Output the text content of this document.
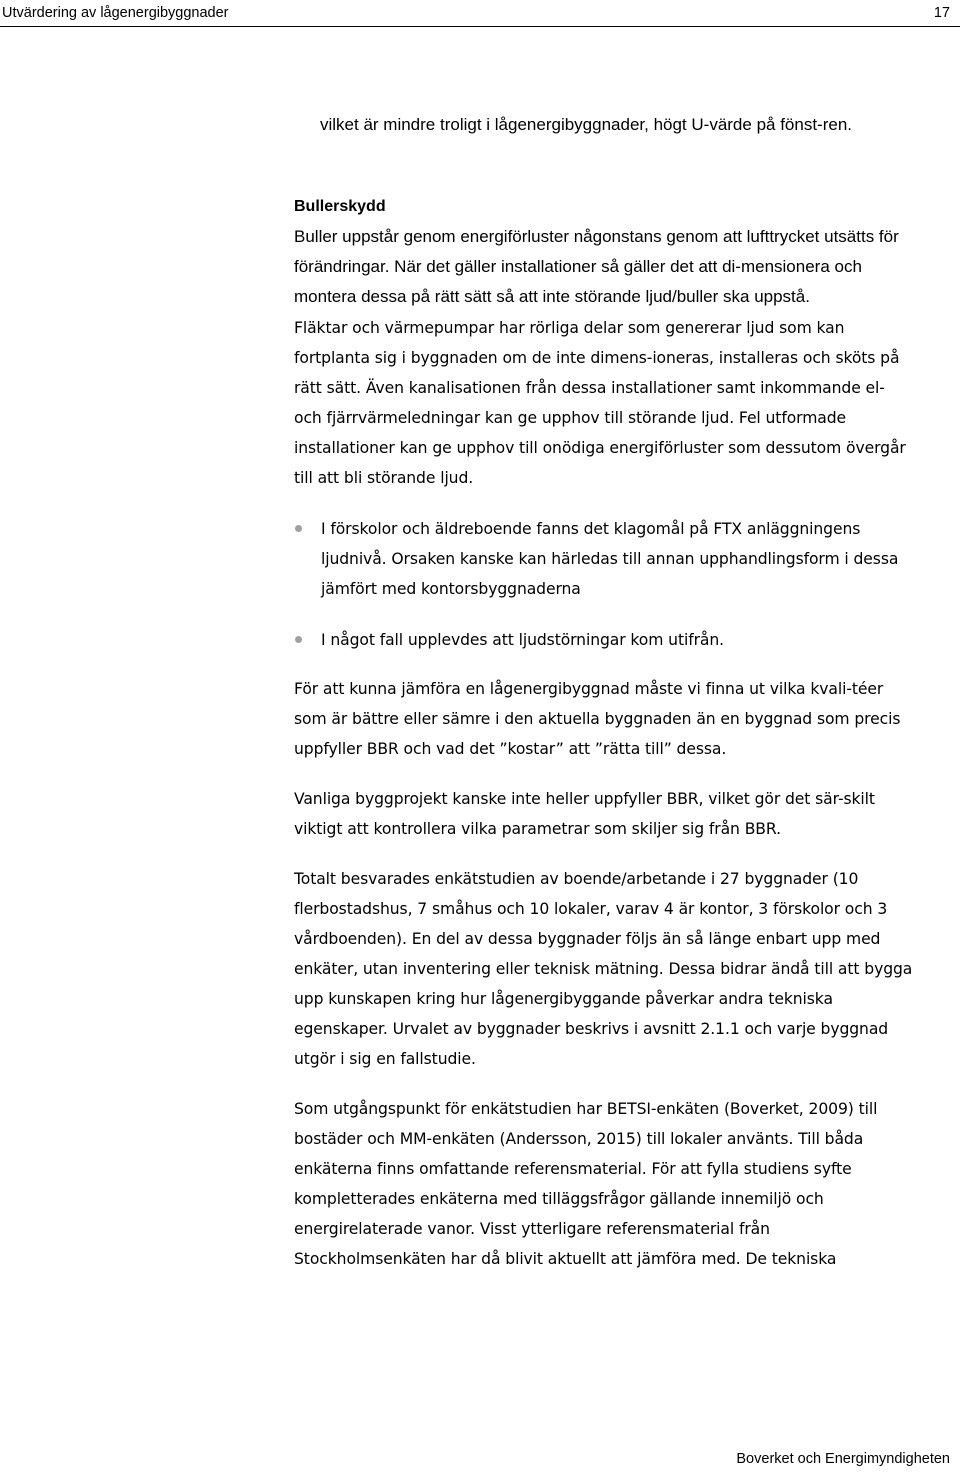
Utvärdering av lågenergibyggnader	17

vilket är mindre troligt i lågenergibyggnader, högt U-värde på fönst-ren.

Bullerskydd

Buller uppstår genom energiförluster någonstans genom att lufttrycket utsätts för förändringar. När det gäller installationer så gäller det att di-mensionera och montera dessa på rätt sätt så att inte störande ljud/buller ska uppstå.

Fläktar och värmepumpar har rörliga delar som genererar ljud som kan fortplanta sig i byggnaden om de inte dimens-ioneras, installeras och sköts på rätt sätt. Även kanalisationen från dessa installationer samt inkommande el- och fjärrvärmeledningar kan ge upphov till störande ljud. Fel utformade installationer kan ge upphov till onödiga energiförluster som dessutom övergår till att bli störande ljud.

I förskolor och äldreboende fanns det klagomål på FTX anläggningens ljudnivå. Orsaken kanske kan härledas till annan upphandlingsform i dessa jämfört med kontorsbyggnaderna

I något fall upplevdes att ljudstörningar kom utifrån.

För att kunna jämföra en lågenergibyggnad måste vi finna ut vilka kvali-téer som är bättre eller sämre i den aktuella byggnaden än en byggnad som precis uppfyller BBR och vad det ”kostar” att ”rätta till” dessa.

Vanliga byggprojekt kanske inte heller uppfyller BBR, vilket gör det sär-skilt viktigt att kontrollera vilka parametrar som skiljer sig från BBR.

Totalt besvarades enkätstudien av boende/arbetande i 27 byggnader (10 flerbostadshus, 7 småhus och 10 lokaler, varav 4 är kontor, 3 förskolor och 3 vårdboenden). En del av dessa byggnader följs än så länge enbart upp med enkäter, utan inventering eller teknisk mätning. Dessa bidrar ändå till att bygga upp kunskapen kring hur lågenergibyggande påverkar andra tekniska egenskaper. Urvalet av byggnader beskrivs i avsnitt 2.1.1 och varje byggnad utgör i sig en fallstudie.

Som utgångspunkt för enkätstudien har BETSI-enkäten (Boverket, 2009) till bostäder och MM-enkäten (Andersson, 2015) till lokaler använts. Till båda enkäterna finns omfattande referensmaterial. För att fylla studiens syfte kompletterades enkäterna med tilläggsfrågor gällande innemiljö och energirelaterade vanor. Visst ytterligare referensmaterial från Stockholmsenkäten har då blivit aktuellt att jämföra med. De tekniska

Boverket och Energimyndigheten
